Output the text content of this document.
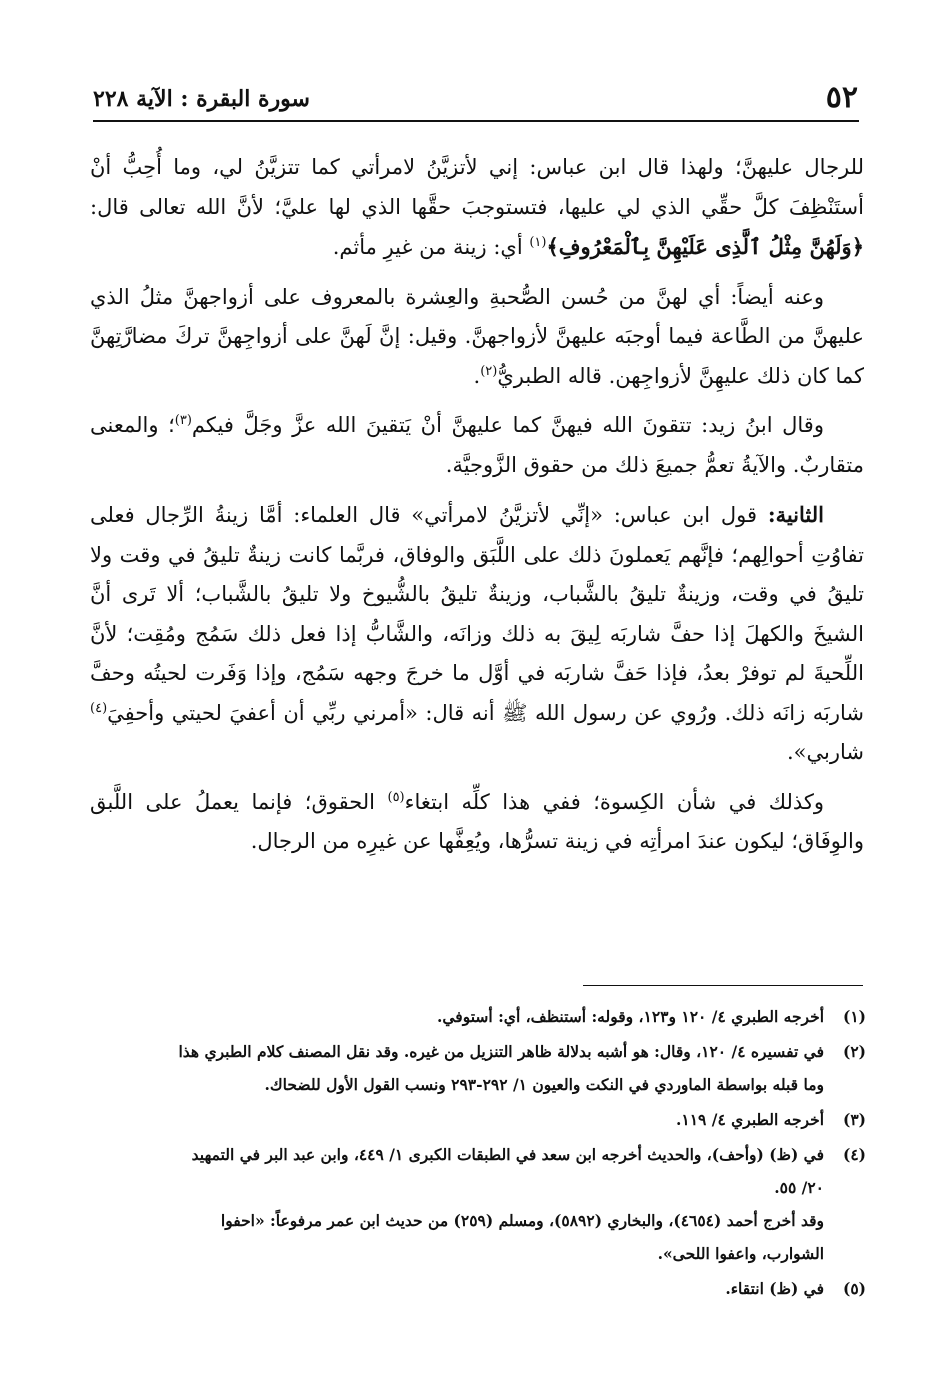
٥٢
سورة البقرة : الآية ٢٢٨

للرجال عليهنَّ؛ ولهذا قال ابن عباس: إني لأتزيَّنُ لامرأتي كما تتزيَّنُ لي، وما أُحِبُّ أنْ أستَنْظِفَ كلَّ حقِّي الذي لي عليها، فتستوجبَ حقَّها الذي لها عليَّ؛ لأنَّ الله تعالى قال: ﴿وَلَهُنَّ مِثْلُ ٱلَّذِى عَلَيْهِنَّ بِٱلْمَعْرُوفِ﴾$^{(١)}$ أي: زينة من غيرِ مأثم.

وعنه أيضاً: أي لهنَّ من حُسن الصُّحبةِ والعِشرة بالمعروف على أزواجهنَّ مثلُ الذي عليهنَّ من الطَّاعة فيما أوجبَه عليهنَّ لأزواجهنَّ. وقيل: إنَّ لَهنَّ على أزواجِهنَّ تركَ مضارَّتِهنَّ كما كان ذلك عليهِنَّ لأزواجِهن. قاله الطبريُّ$^{(٢)}$.

وقال ابنُ زيد: تتقونَ الله فيهنَّ كما عليهنَّ أنْ يَتقينَ الله عزَّ وجَلَّ فيكم$^{(٣)}$؛ والمعنى متقاربٌ. والآيةُ تعمُّ جميعَ ذلك من حقوق الزَّوجيَّة.

الثانية: قول ابن عباس: «إنِّي لأتزيَّنُ لامرأتي» قال العلماء: أمَّا زينةُ الرِّجال فعلى تفاوُتِ أحوالِهم؛ فإنَّهم يَعملونَ ذلك على اللَّبَق والوفاق، فربَّما كانت زينةٌ تليقُ في وقت ولا تليقُ في وقت، وزينةٌ تليقُ بالشَّباب، وزينةٌ تليقُ بالشُّيوخ ولا تليقُ بالشَّباب؛ ألا تَرى أنَّ الشيخَ والكهلَ إذا حفَّ شاربَه لِيقَ به ذلك وزانَه، والشَّابُّ إذا فعل ذلك سَمُج ومُقِت؛ لأنَّ اللِّحيةَ لم توفرْ بعدُ، فإذا حَفَّ شاربَه في أوَّل ما خرجَ وجهه سَمُج، وإذا وَفَرت لحيتُه وحفَّ شاربَه زانَه ذلك. ورُوي عن رسول الله ﷺ أنه قال: «أمرني ربِّي أن أعفيَ لحيتي وأحفِيَ$^{(٤)}$ شاربي».

وكذلك في شأن الكِسوة؛ ففي هذا كلِّه ابتغاء$^{(٥)}$ الحقوق؛ فإنما يعملُ على اللَّبق والوِفَاق؛ ليكون عندَ امرأتِه في زينة تسرُّها، ويُعِفَّها عن غيرِه من الرجال.

(١)
أخرجه الطبري ٤/ ١٢٠ و١٢٣، وقوله: أستنظف، أي: أستوفي.
(٢)
في تفسيره ٤/ ١٢٠، وقال: هو أشبه بدلالة ظاهر التنزيل من غيره. وقد نقل المصنف كلام الطبري هذا
وما قبله بواسطة الماوردي في النكت والعيون ١/ ٢٩٢-٢٩٣ ونسب القول الأول للضحاك.
(٣)
أخرجه الطبري ٤/ ١١٩.
(٤)
في (ظ) (وأحف)، والحديث أخرجه ابن سعد في الطبقات الكبرى ١/ ٤٤٩، وابن عبد البر في التمهيد
٢٠/ ٥٥.
وقد أخرج أحمد (٤٦٥٤)، والبخاري (٥٨٩٢)، ومسلم (٢٥٩) من حديث ابن عمر مرفوعاً: «احفوا
الشوارب، واعفوا اللحى».
(٥)
في (ظ) انتقاء.
